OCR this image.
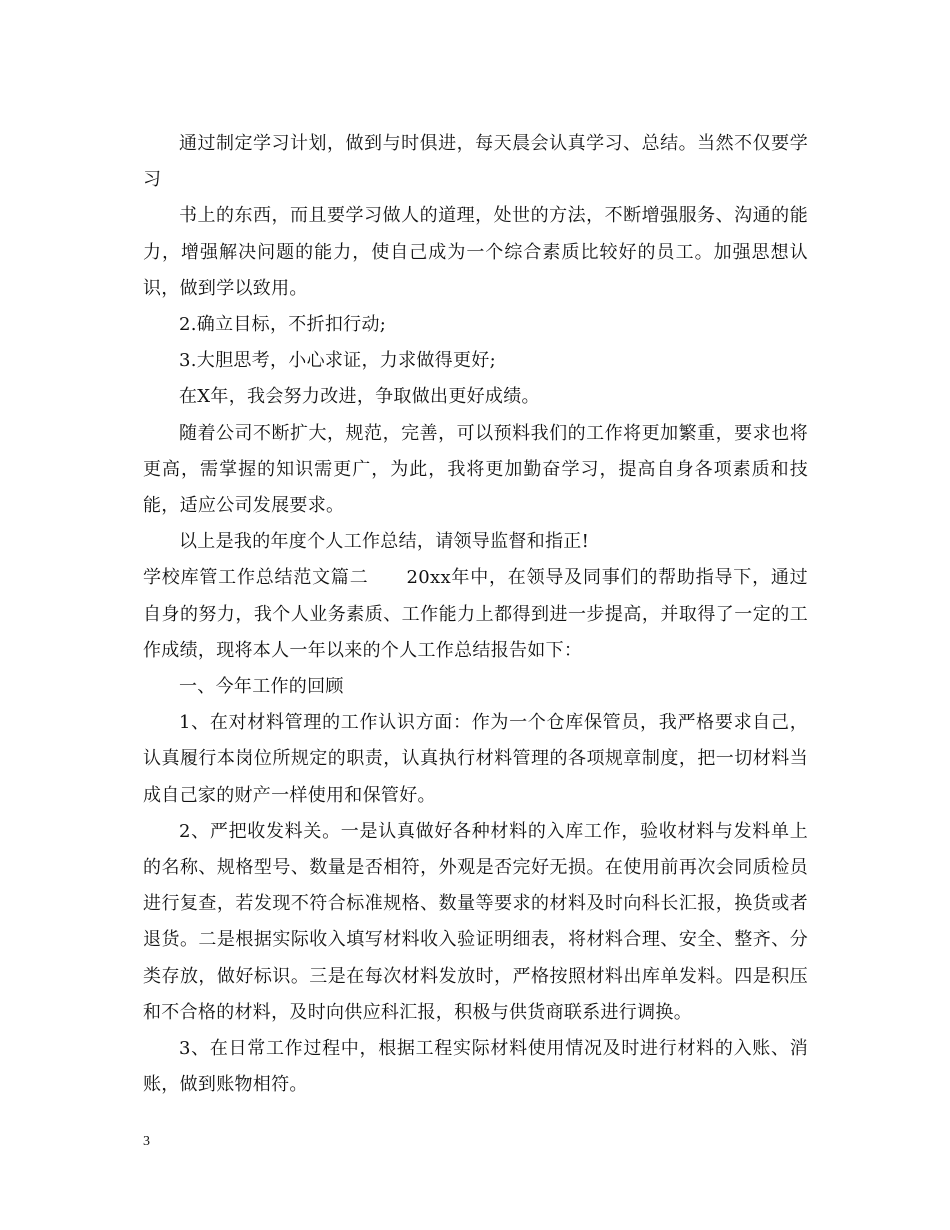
通过制定学习计划，做到与时俱进，每天晨会认真学习、总结。当然不仅要学习

书上的东西，而且要学习做人的道理，处世的方法，不断增强服务、沟通的能力，增强解决问题的能力，使自己成为一个综合素质比较好的员工。加强思想认识，做到学以致用。

2.确立目标，不折扣行动;

3.大胆思考，小心求证，力求做得更好;

在X年，我会努力改进，争取做出更好成绩。

随着公司不断扩大，规范，完善，可以预料我们的工作将更加繁重，要求也将更高，需掌握的知识需更广，为此，我将更加勤奋学习，提高自身各项素质和技能，适应公司发展要求。

以上是我的年度个人工作总结，请领导监督和指正!

学校库管工作总结范文篇二 20xx年中，在领导及同事们的帮助指导下，通过自身的努力，我个人业务素质、工作能力上都得到进一步提高，并取得了一定的工作成绩，现将本人一年以来的个人工作总结报告如下：

一、今年工作的回顾

1、在对材料管理的工作认识方面：作为一个仓库保管员，我严格要求自己，认真履行本岗位所规定的职责，认真执行材料管理的各项规章制度，把一切材料当成自己家的财产一样使用和保管好。

2、严把收发料关。一是认真做好各种材料的入库工作，验收材料与发料单上的名称、规格型号、数量是否相符，外观是否完好无损。在使用前再次会同质检员进行复查，若发现不符合标准规格、数量等要求的材料及时向科长汇报，换货或者退货。二是根据实际收入填写材料收入验证明细表，将材料合理、安全、整齐、分类存放，做好标识。三是在每次材料发放时，严格按照材料出库单发料。四是积压和不合格的材料，及时向供应科汇报，积极与供货商联系进行调换。

3、在日常工作过程中，根据工程实际材料使用情况及时进行材料的入账、消账，做到账物相符。

3
